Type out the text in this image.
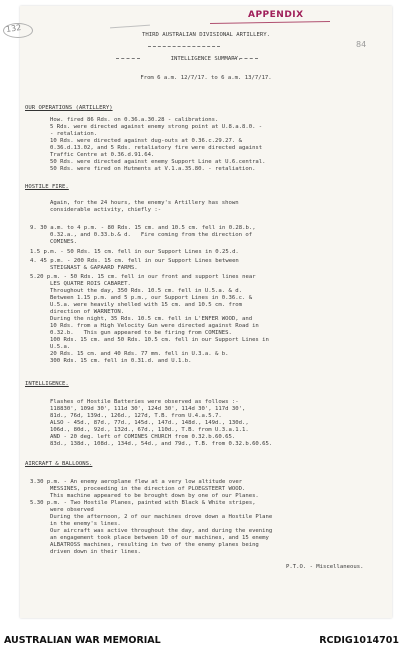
APPENDIX
84
THIRD AUSTRALIAN DIVISIONAL ARTILLERY.
INTELLIGENCE SUMMARY.
From 6 a.m. 12/7/17. to 6 a.m. 13/7/17.
OUR OPERATIONS (ARTILLERY)
How. fired 86 Rds. on 0.36.a.30.28 - calibrations.
5 Rds. were directed against enemy strong point at U.8.a.8.0. -
- retaliation.
10 Rds. were directed against dug-outs at 0.36.c.29.27. &
0.36.d.13.02, and 5 Rds. retaliatory fire were directed against
Traffic Centre at 0.36.d.91.64.
50 Rds. were directed against enemy Support Line at U.6.central.
50 Rds. were fired on Hutments at V.1.a.35.80. - retaliation.
HOSTILE FIRE.
Again, for the 24 hours, the enemy's Artillery has shown
considerable activity, chiefly :-
9. 30 a.m. to 4 p.m. - 80 Rds. 15 cm. and 10.5 cm. fell in 0.28.b.,
0.32.a., and 0.33.b.& d.   Fire coming from the direction of
COMINES.
1.5 p.m. - 50 Rds. 15 cm. fell in our Support Lines in 0.25.d.
4. 45 p.m. - 200 Rds. 15 cm. fell in our Support Lines between
STEIGNAST & GAPAARD FARMS.
5.20 p.m. - 50 Rds. 15 cm. fell in our front and support lines near
LES QUATRE ROIS CABARET.
Throughout the day, 350 Rds. 10.5 cm. fell in U.5.a. & d.
Between 1.15 p.m. and 5 p.m., our Support Lines in 0.36.c. &
U.5.a. were heavily shelled with 15 cm. and 10.5 cm. from
direction of WARNETON.
During the night, 35 Rds. 10.5 cm. fell in L'ENFER WOOD, and
10 Rds. from a High Velocity Gun were directed against Road in
0.32.b.   This gun appeared to be firing from COMINES.
100 Rds. 15 cm. and 50 Rds. 10.5 cm. fell in our Support Lines in
U.5.a.
20 Rds. 15 cm. and 40 Rds. 77 mm. fell in U.3.a. & b.
300 Rds. 15 cm. fell in 0.31.d. and U.1.b.
INTELLIGENCE.
Flashes of Hostile Batteries were observed as follows :-
118830', 109d 30', 111d 30', 124d 30', 114d 30', 117d 30',
81d., 76d, 139d., 126d., 127d, T.B. from U.4.a.5.7.
ALSO - 45d., 87d., 77d., 145d., 147d., 148d., 149d., 130d.,
106d., 80d., 92d., 132d., 67d., 110d., T.B. from U.3.a.1.1.
AND - 20 deg. left of COMINES CHURCH from 0.32.b.60.65.
83d., 138d., 108d., 134d., 54d., and 79d., T.B. from 0.32.b.60.65.
AIRCRAFT & BALLOONS.
3.30 p.m. - An enemy aeroplane flew at a very low altitude over
MESSINES, proceeding in the direction of PLOEGSTEERT WOOD.
This machine appeared to be brought down by one of our Planes.
5.30 p.m. - Two Hostile Planes, painted with Black & White stripes,
were observed
During the afternoon, 2 of our machines drove down a Hostile Plane
in the enemy's lines.
Our aircraft was active throughout the day, and during the evening
an engagement took place between 10 of our machines, and 15 enemy
ALBATROSS machines, resulting in two of the enemy planes being
driven down in their lines.
P.T.O. - Miscellaneous.
132
AUSTRALIAN WAR MEMORIAL	RCDIG1014701
